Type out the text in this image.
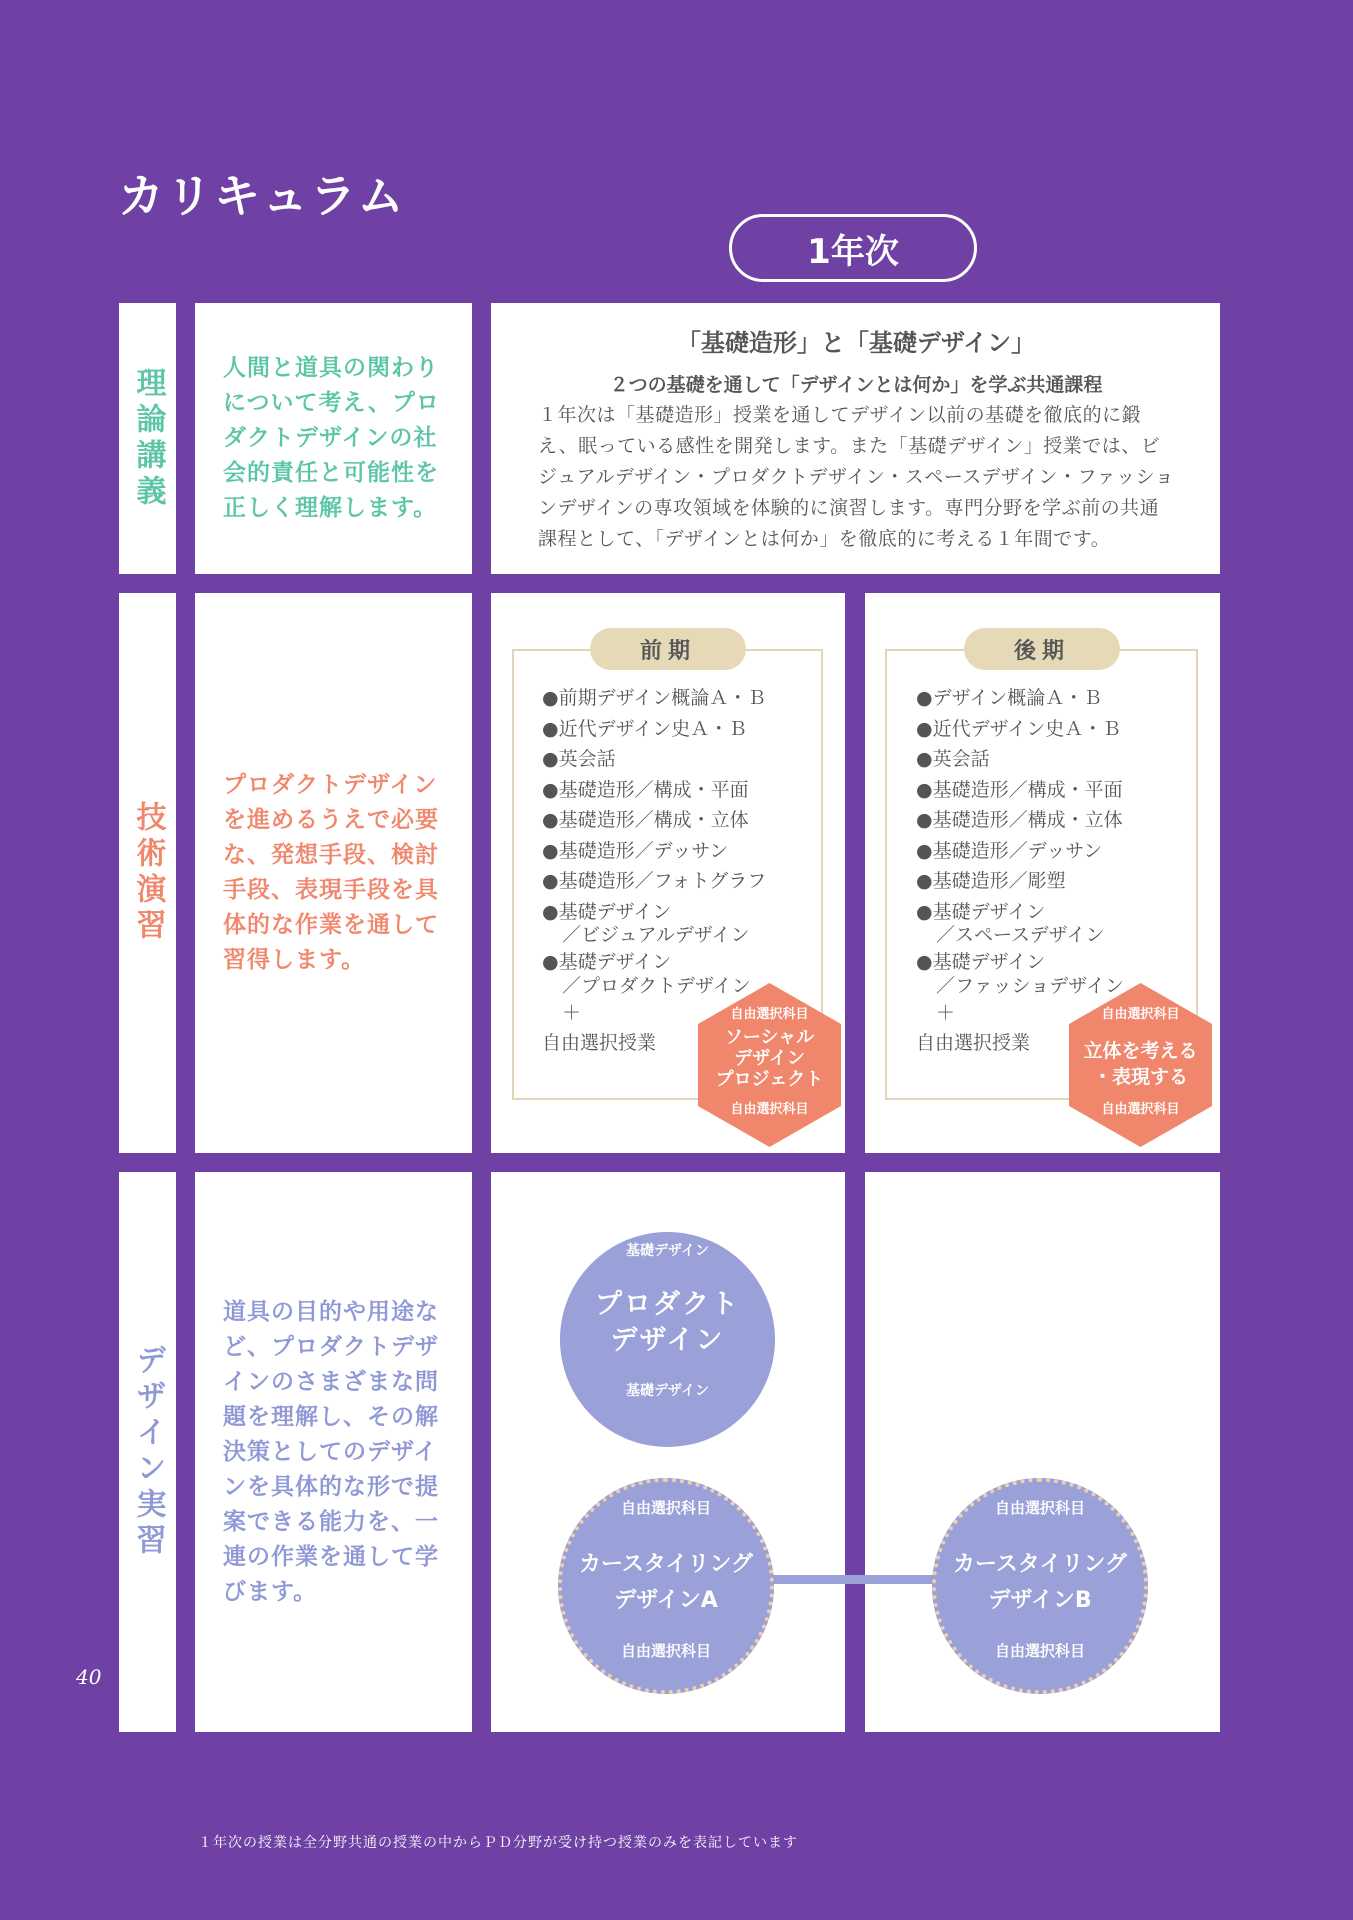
カリキュラム
1年次
理論講義	人間と道具の関わりについて考え、プロダクトデザインの社会的責任と可能性を正しく理解します。
「基礎造形」と「基礎デザイン」
２つの基礎を通して「デザインとは何か」を学ぶ共通課程
１年次は「基礎造形」授業を通してデザイン以前の基礎を徹底的に鍛え、眠っている感性を開発します。また「基礎デザイン」授業では、ビジュアルデザイン・プロダクトデザイン・スペースデザイン・ファッションデザインの専攻領域を体験的に演習します。専門分野を学ぶ前の共通課程として、「デザインとは何か」を徹底的に考える１年間です。
技術演習
プロダクトデザインを進めるうえで必要な、発想手段、検討手段、表現手段を具体的な作業を通して習得します。
前期
●前期デザイン概論Ａ・Ｂ
●近代デザイン史Ａ・Ｂ
●英会話
●基礎造形／構成・平面
●基礎造形／構成・立体
●基礎造形／デッサン
●基礎造形／フォトグラフ
●基礎デザイン
／ビジュアルデザイン
●基礎デザイン
／プロダクトデザイン
＋
自由選択授業
自由選択科目
ソーシャル
デザイン
プロジェクト
自由選択科目
後期
●デザイン概論Ａ・Ｂ
●近代デザイン史Ａ・Ｂ
●英会話
●基礎造形／構成・平面
●基礎造形／構成・立体
●基礎造形／デッサン
●基礎造形／彫塑
●基礎デザイン
／スペースデザイン
●基礎デザイン
／ファッショデザイン
＋
自由選択授業
自由選択科目
立体を考える
・表現する
自由選択科目
デザイン実習
道具の目的や用途など、プロダクトデザインのさまざまな問題を理解し、その解決策としてのデザインを具体的な形で提案できる能力を、一連の作業を通して学びます。
基礎デザイン
プロダクト
デザイン
基礎デザイン
自由選択科目
カースタイリング
デザインA
自由選択科目
自由選択科目
カースタイリング
デザインB
自由選択科目
40
１年次の授業は全分野共通の授業の中からＰＤ分野が受け持つ授業のみを表記しています
